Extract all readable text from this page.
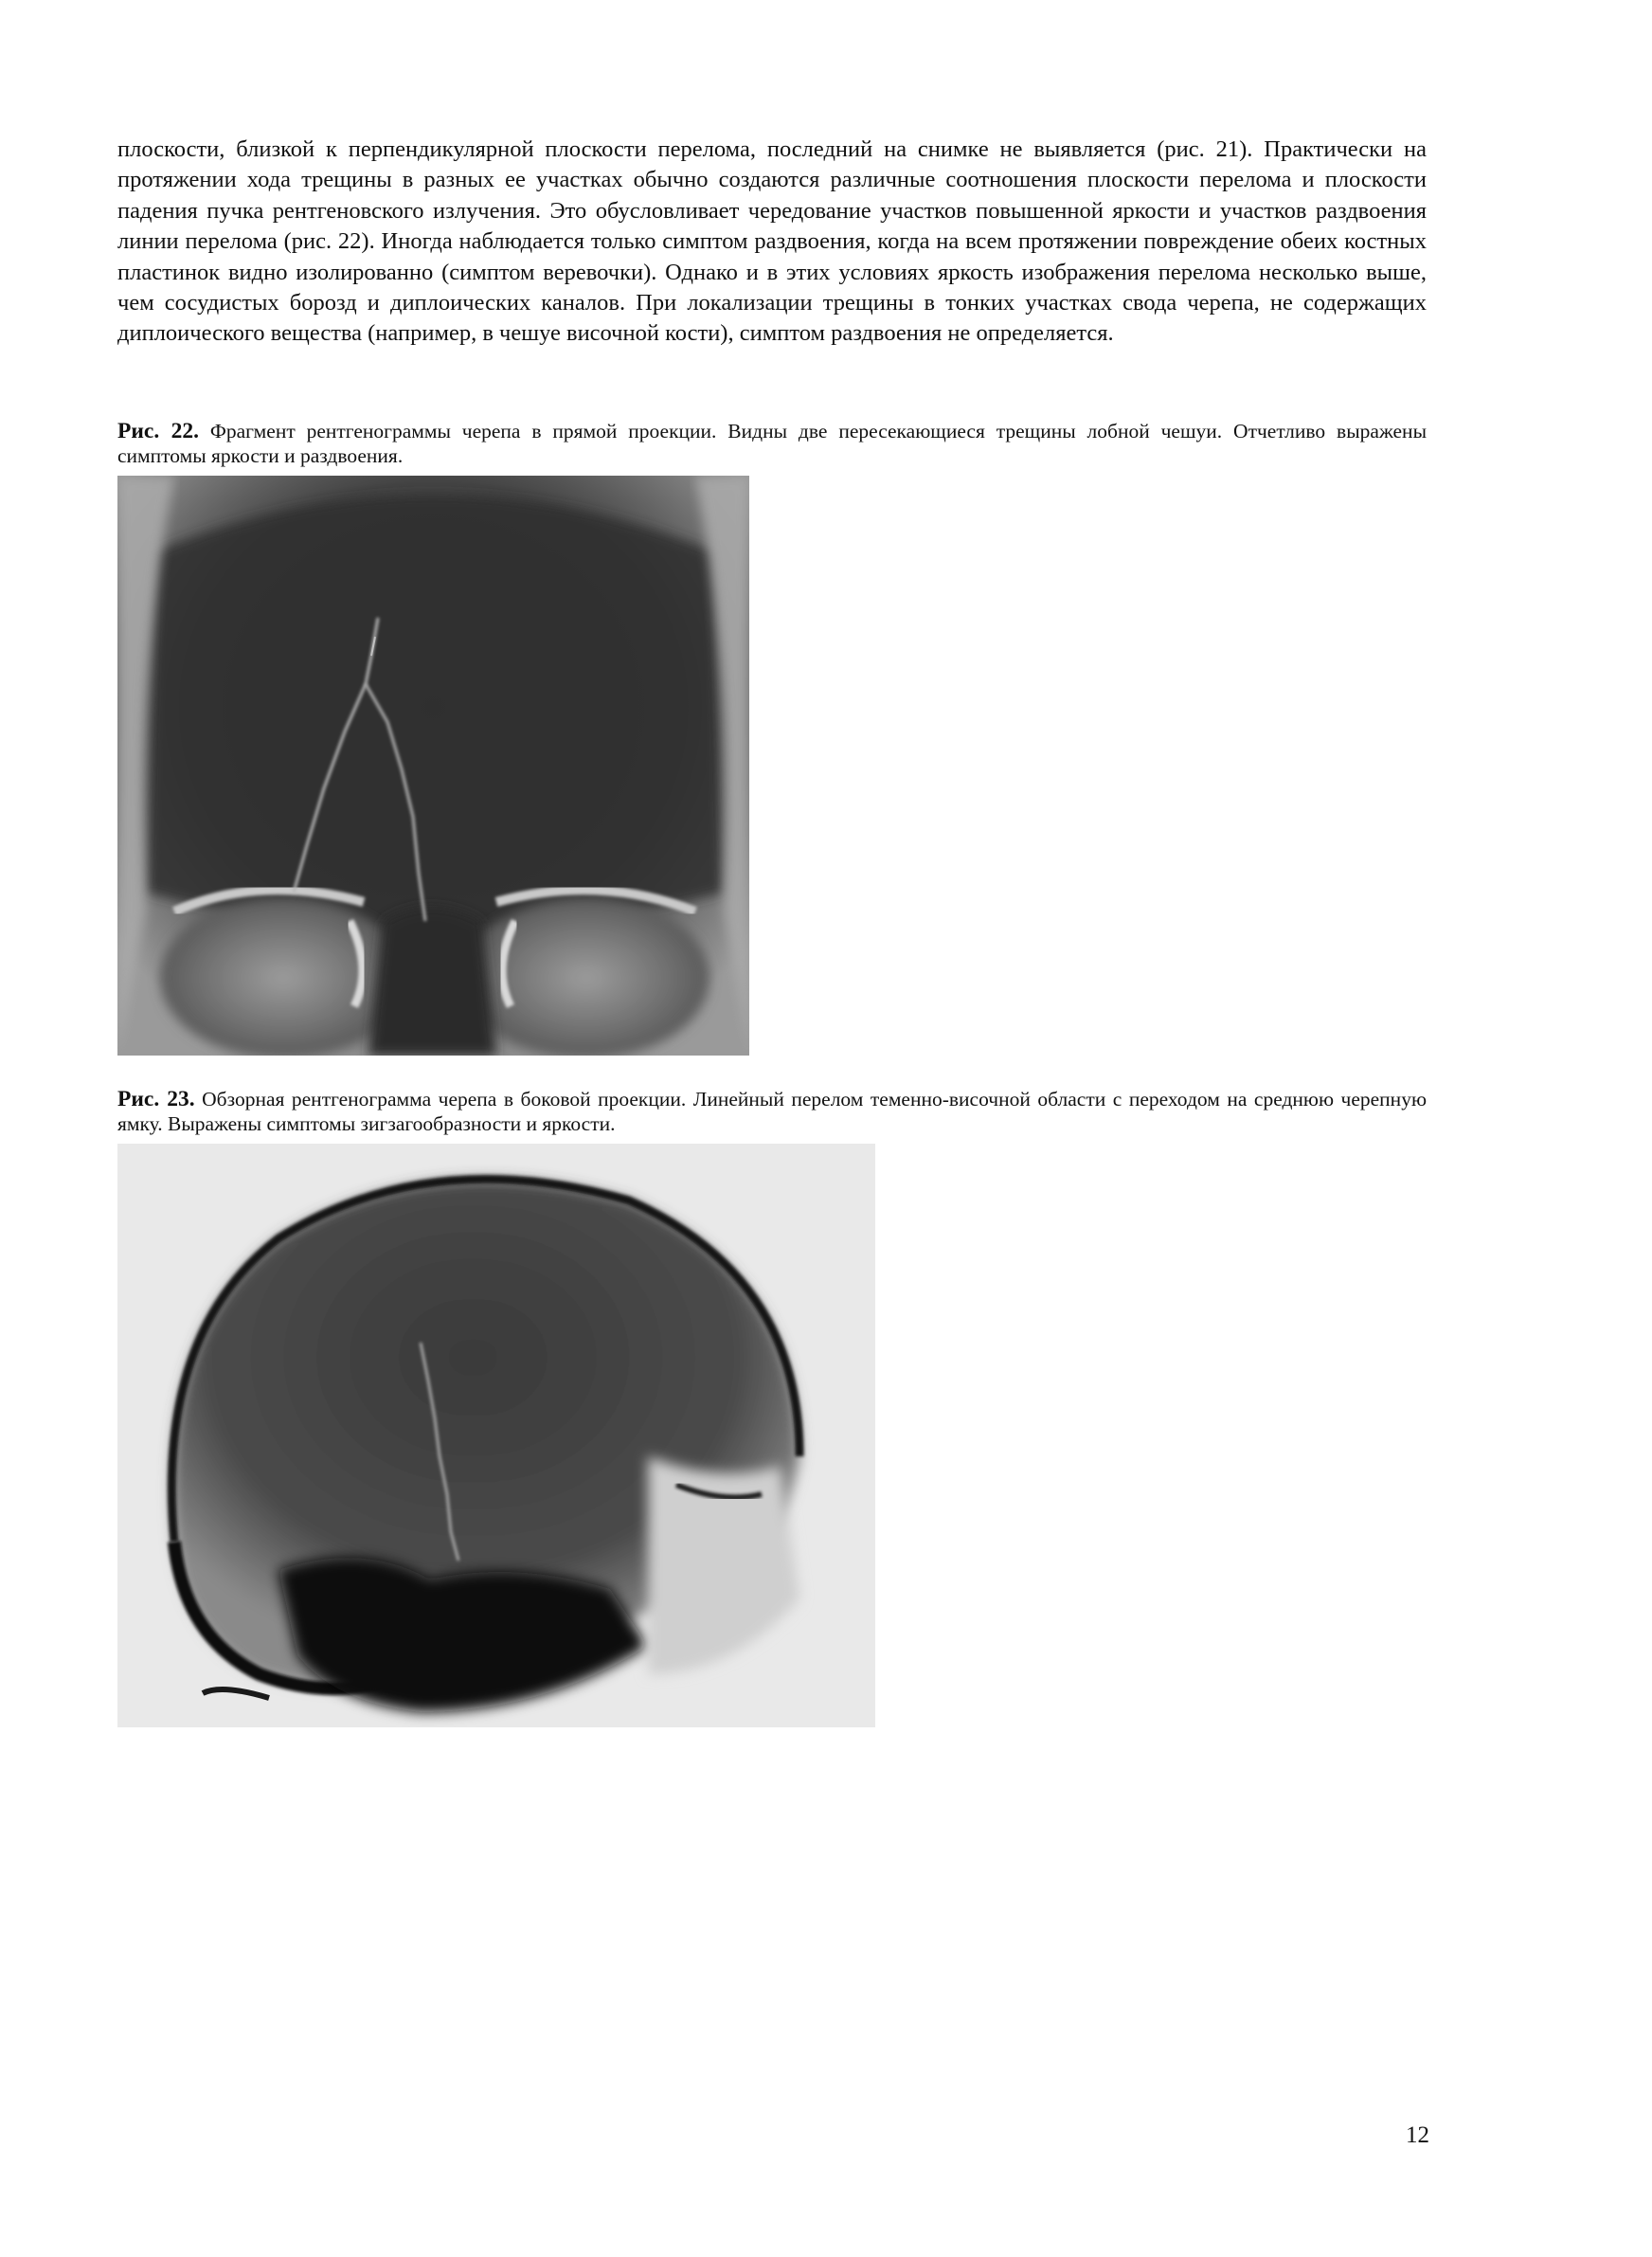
плоскости, близкой к перпендикулярной плоскости перелома, последний на снимке не выявляется (рис. 21). Практически на протяжении хода трещины в разных ее участках обычно создаются различные соотношения плоскости перелома и плоскости падения пучка рентгеновского излучения. Это обусловливает чередование участков повышенной яркости и участков раздвоения линии перелома (рис. 22). Иногда наблюдается только симптом раздвоения, когда на всем протяжении повреждение обеих костных пластинок видно изолированно (симптом веревочки). Однако и в этих условиях яркость изображения перелома несколько выше, чем сосудистых борозд и диплоических каналов. При локализации трещины в тонких участках свода черепа, не содержащих диплоического вещества (например, в чешуе височной кости), симптом раздвоения не определяется.

Рис. 22. Фрагмент рентгенограммы черепа в прямой проекции. Видны две пересекающиеся трещины лобной чешуи. Отчетливо выражены симптомы яркости и раздвоения.

Рис. 23. Обзорная рентгенограмма черепа в боковой проекции. Линейный перелом теменно-височной области с переходом на среднюю черепную ямку. Выражены симптомы зигзагообразности и яркости.

12
